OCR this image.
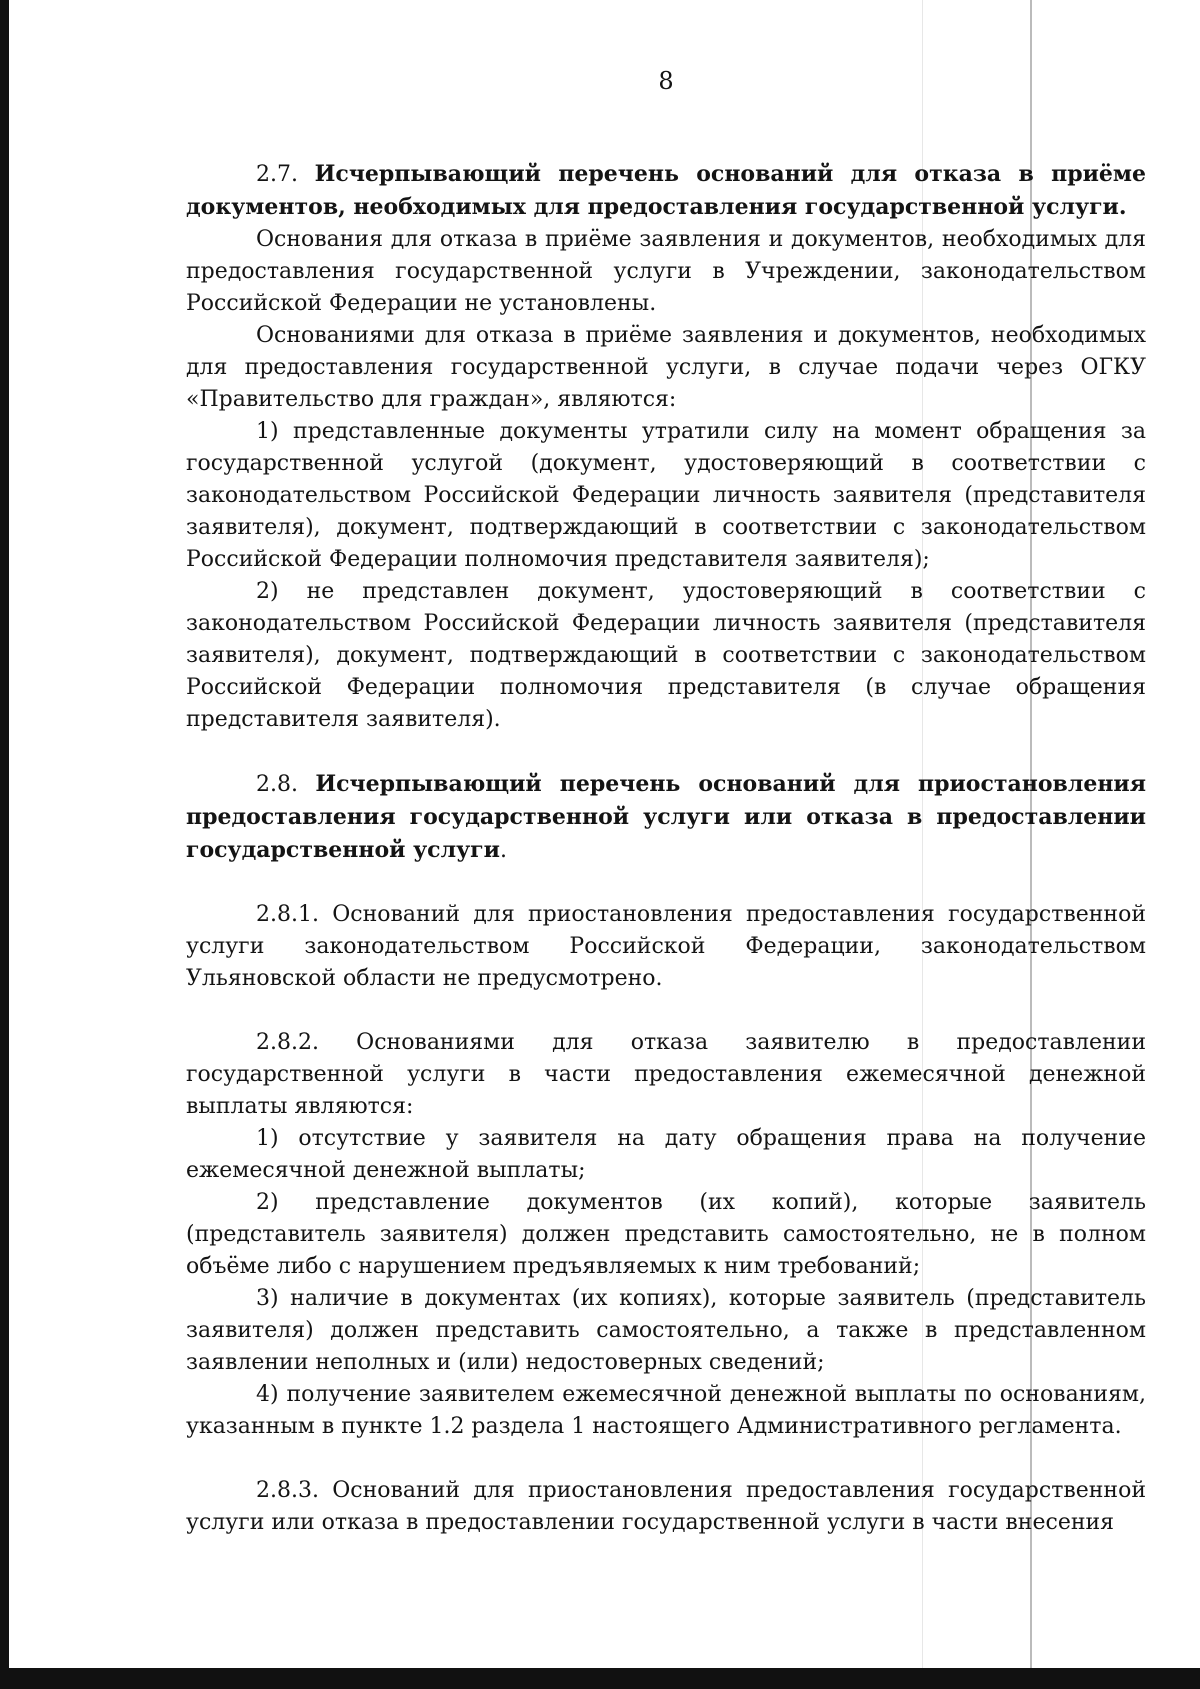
8

2.7. Исчерпывающий перечень оснований для отказа в приёме документов, необходимых для предоставления государственной услуги.

Основания для отказа в приёме заявления и документов, необходимых для предоставления государственной услуги в Учреждении, законодательством Российской Федерации не установлены.

Основаниями для отказа в приёме заявления и документов, необходимых для предоставления государственной услуги, в случае подачи через ОГКУ «Правительство для граждан», являются:

1) представленные документы утратили силу на момент обращения за государственной услугой (документ, удостоверяющий в соответствии с законодательством Российской Федерации личность заявителя (представителя заявителя), документ, подтверждающий в соответствии с законодательством Российской Федерации полномочия представителя заявителя);

2) не представлен документ, удостоверяющий в соответствии с законодательством Российской Федерации личность заявителя (представителя заявителя), документ, подтверждающий в соответствии с законодательством Российской Федерации полномочия представителя (в случае обращения представителя заявителя).

2.8. Исчерпывающий перечень оснований для приостановления предоставления государственной услуги или отказа в предоставлении государственной услуги.

2.8.1. Оснований для приостановления предоставления государственной услуги законодательством Российской Федерации, законодательством Ульяновской области не предусмотрено.

2.8.2. Основаниями для отказа заявителю в предоставлении государственной услуги в части предоставления ежемесячной денежной выплаты являются:

1) отсутствие у заявителя на дату обращения права на получение ежемесячной денежной выплаты;

2) представление документов (их копий), которые заявитель (представитель заявителя) должен представить самостоятельно, не в полном объёме либо с нарушением предъявляемых к ним требований;

3) наличие в документах (их копиях), которые заявитель (представитель заявителя) должен представить самостоятельно, а также в представленном заявлении неполных и (или) недостоверных сведений;

4) получение заявителем ежемесячной денежной выплаты по основаниям, указанным в пункте 1.2 раздела 1 настоящего Административного регламента.

2.8.3. Оснований для приостановления предоставления государственной услуги или отказа в предоставлении государственной услуги в части внесения
